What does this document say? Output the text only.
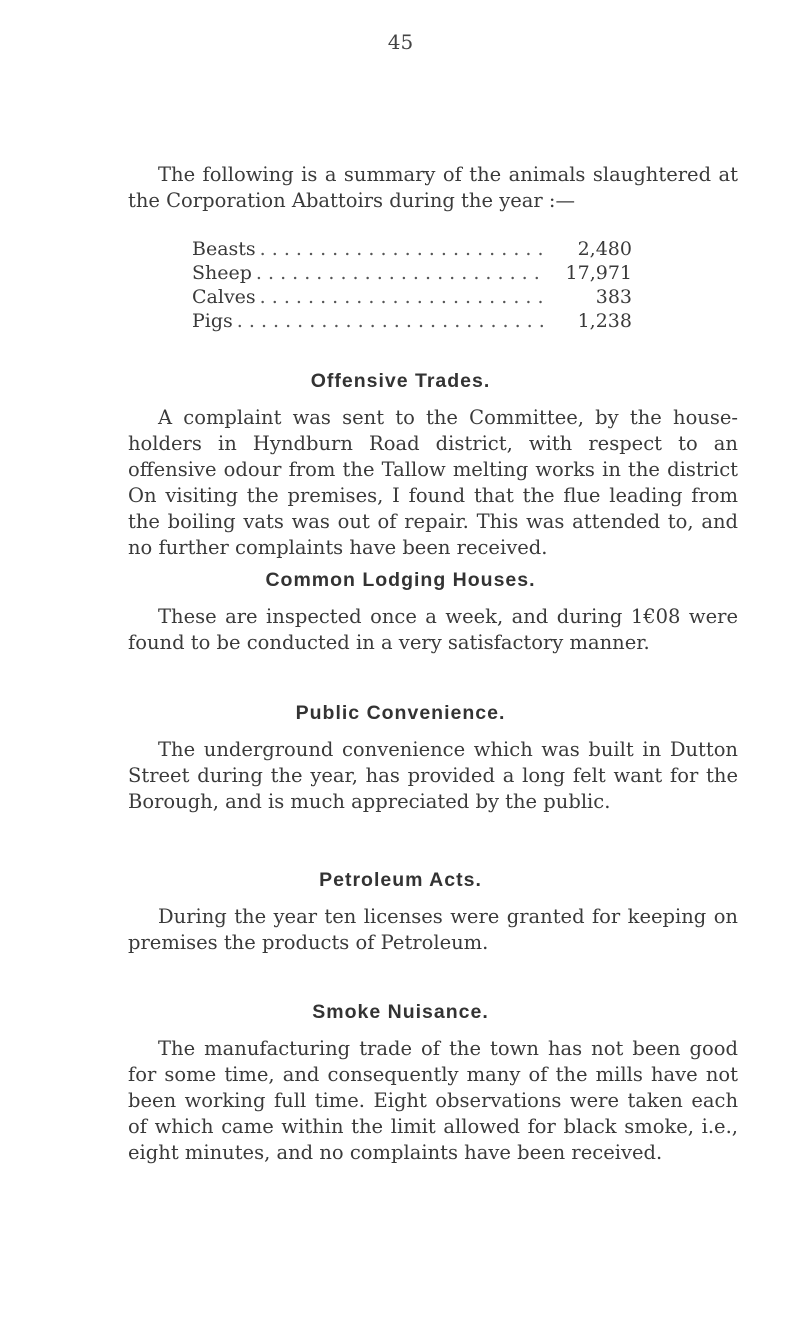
45

The following is a summary of the animals slaughtered at the Corporation Abattoirs during the year :—

Beasts . . .	2,480
Sheep . . .	17,971
Calves . . .	383
Pigs . . .	1,238
Offensive Trades.

A complaint was sent to the Committee, by the house-holders in Hyndburn Road district, with respect to an offensive odour from the Tallow melting works in the district On visiting the premises, I found that the flue leading from the boiling vats was out of repair. This was attended to, and no further complaints have been received.

Common Lodging Houses.

These are inspected once a week, and during 1€08 were found to be conducted in a very satisfactory manner.

Public Convenience.

The underground convenience which was built in Dutton Street during the year, has provided a long felt want for the Borough, and is much appreciated by the public.

Petroleum Acts.

During the year ten licenses were granted for keeping on premises the products of Petroleum.

Smoke Nuisance.

The manufacturing trade of the town has not been good for some time, and consequently many of the mills have not been working full time. Eight observations were taken each of which came within the limit allowed for black smoke, i.e., eight minutes, and no complaints have been received.
